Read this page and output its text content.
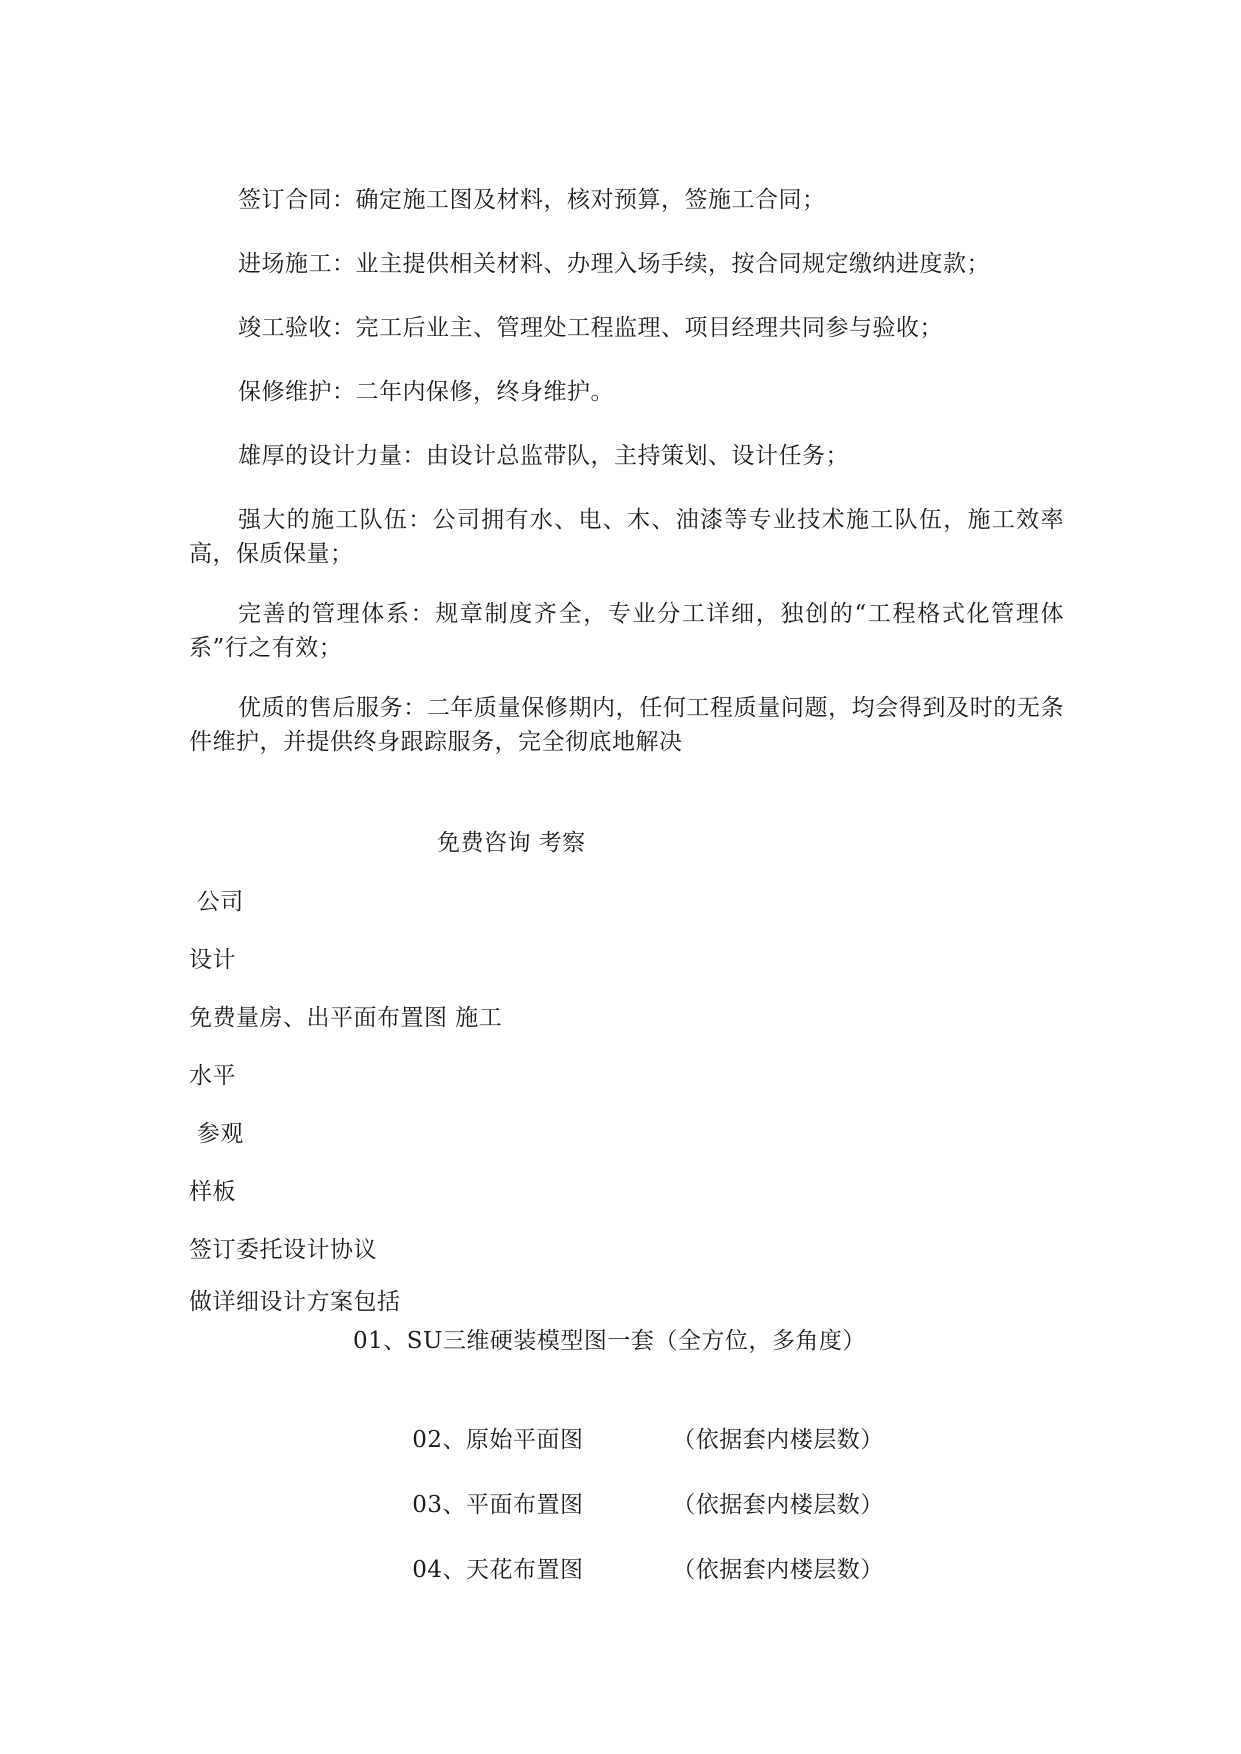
签订合同：确定施工图及材料，核对预算，签施工合同；

进场施工：业主提供相关材料、办理入场手续，按合同规定缴纳进度款；

竣工验收：完工后业主、管理处工程监理、项目经理共同参与验收；

保修维护：二年内保修，终身维护。

雄厚的设计力量：由设计总监带队，主持策划、设计任务；

强大的施工队伍：公司拥有水、电、木、油漆等专业技术施工队伍，施工效率高，保质保量；

完善的管理体系：规章制度齐全，专业分工详细，独创的“工程格式化管理体系”行之有效；

优质的售后服务：二年质量保修期内，任何工程质量问题，均会得到及时的无条件维护，并提供终身跟踪服务，完全彻底地解决

免费咨询 考察
公司
设计
免费量房、出平面布置图 施工
水平
参观
样板
签订委托设计协议
做详细设计方案包括
01、SU三维硬装模型图一套（全方位，多角度）

02、原始平面图	（依据套内楼层数）

03、平面布置图	（依据套内楼层数）

04、天花布置图	（依据套内楼层数）
